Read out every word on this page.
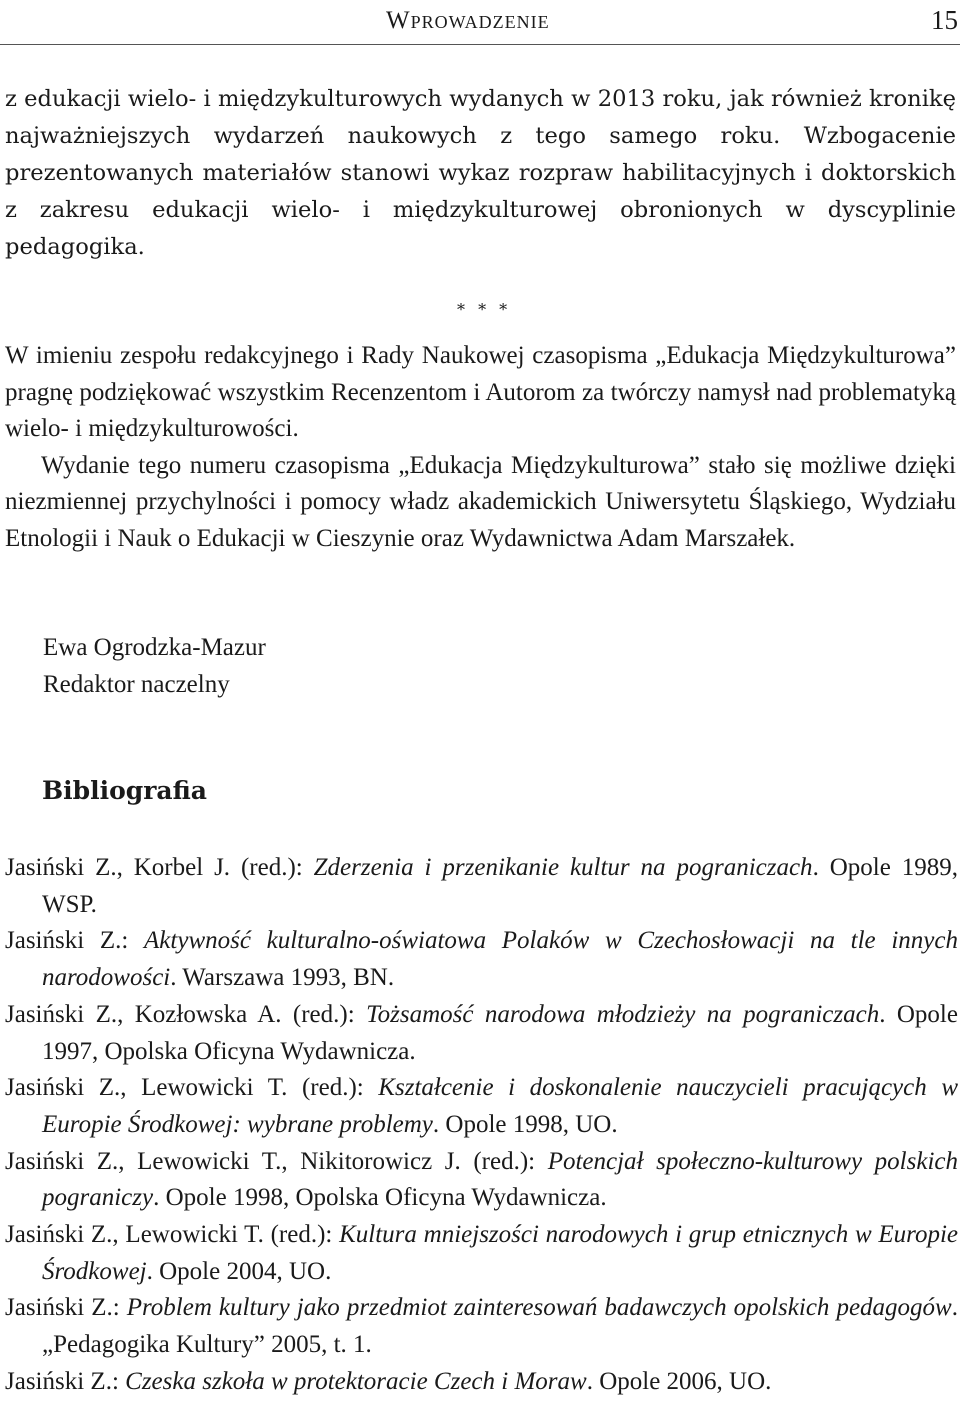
Wprowadzenie	15

z edukacji wielo- i międzykulturowych wydanych w 2013 roku, jak również kronikę najważniejszych wydarzeń naukowych z tego samego roku. Wzbogacenie prezentowanych materiałów stanowi wykaz rozpraw habilitacyjnych i doktorskich z zakresu edukacji wielo- i międzykulturowej obronionych w dyscyplinie pedagogika.

* * *

W imieniu zespołu redakcyjnego i Rady Naukowej czasopisma „Edukacja Międzykulturowa” pragnę podziękować wszystkim Recenzentom i Autorom za twórczy namysł nad problematyką wielo- i międzykulturowości.

Wydanie tego numeru czasopisma „Edukacja Międzykulturowa” stało się możliwe dzięki niezmiennej przychylności i pomocy władz akademickich Uniwersytetu Śląskiego, Wydziału Etnologii i Nauk o Edukacji w Cieszynie oraz Wydawnictwa Adam Marszałek.

Ewa Ogrodzka-Mazur
Redaktor naczelny
Bibliografia

Jasiński Z., Korbel J. (red.): Zderzenia i przenikanie kultur na pograniczach. Opole 1989, WSP.

Jasiński Z.: Aktywność kulturalno-oświatowa Polaków w Czechosłowacji na tle innych narodowości. Warszawa 1993, BN.

Jasiński Z., Kozłowska A. (red.): Tożsamość narodowa młodzieży na pograniczach. Opole 1997, Opolska Oficyna Wydawnicza.

Jasiński Z., Lewowicki T. (red.): Kształcenie i doskonalenie nauczycieli pracujących w Europie Środkowej: wybrane problemy. Opole 1998, UO.

Jasiński Z., Lewowicki T., Nikitorowicz J. (red.): Potencjał społeczno-kulturowy polskich pograniczy. Opole 1998, Opolska Oficyna Wydawnicza.

Jasiński Z., Lewowicki T. (red.): Kultura mniejszości narodowych i grup etnicznych w Europie Środkowej. Opole 2004, UO.

Jasiński Z.: Problem kultury jako przedmiot zainteresowań badawczych opolskich pedagogów. „Pedagogika Kultury” 2005, t. 1.

Jasiński Z.: Czeska szkoła w protektoracie Czech i Moraw. Opole 2006, UO.
